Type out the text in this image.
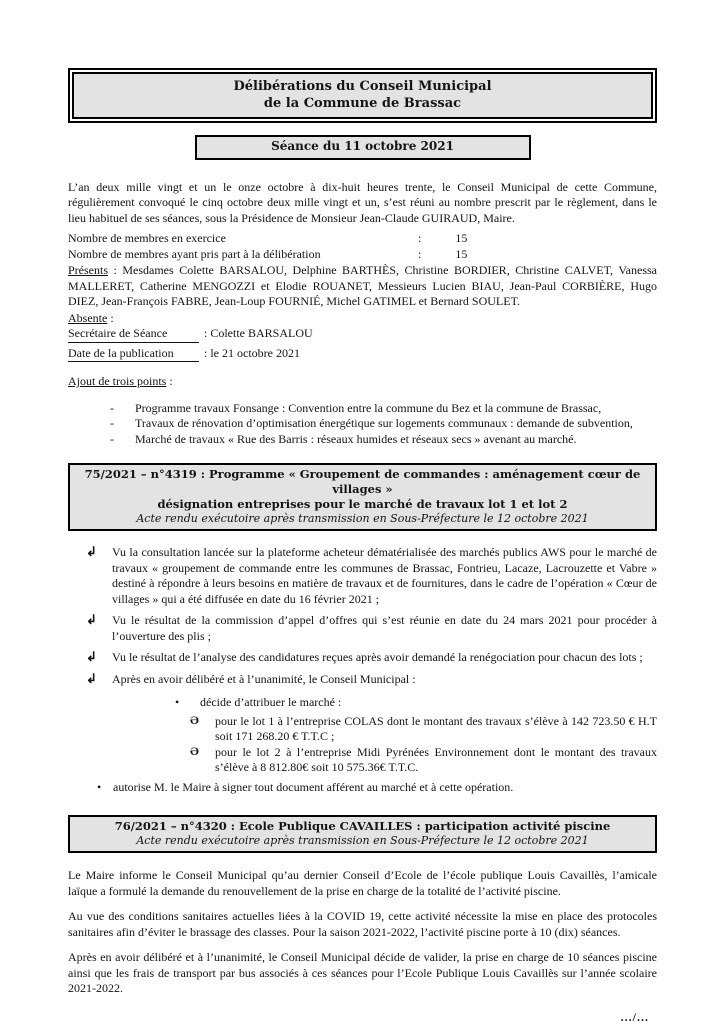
Délibérations du Conseil Municipal
de la Commune de Brassac
Séance du 11 octobre 2021

L’an deux mille vingt et un le onze octobre à dix-huit heures trente, le Conseil Municipal de cette Commune, régulièrement convoqué le cinq octobre deux mille vingt et un, s’est réuni au nombre prescrit par le règlement, dans le lieu habituel de ses séances, sous la Présidence de Monsieur Jean-Claude GUIRAUD, Maire.

Nombre de membres en exercice	:	15
Nombre de membres ayant pris part à la délibération	:	15

Présents : Mesdames Colette BARSALOU, Delphine BARTHÈS, Christine BORDIER, Christine CALVET, Vanessa MALLERET, Catherine MENGOZZI et Elodie ROUANET, Messieurs Lucien BIAU, Jean-Paul CORBIÈRE, Hugo DIEZ, Jean-François FABRE, Jean-Loup FOURNIÉ, Michel GATIMEL et Bernard SOULET.

Absente :

Secrétaire de Séance	: Colette BARSALOU
Date de la publication	: le 21 octobre 2021

Ajout de trois points :

- Programme travaux Fonsange : Convention entre la commune du Bez et la commune de Brassac,
- Travaux de rénovation d’optimisation énergétique sur logements communaux : demande de subvention,
- Marché de travaux « Rue des Barris : réseaux humides et réseaux secs » avenant au marché.
75/2021 – n°4319 : Programme « Groupement de commandes : aménagement cœur de villages »
désignation entreprises pour le marché de travaux lot 1 et lot 2
Acte rendu exécutoire après transmission en Sous-Préfecture le 12 octobre 2021
↲ Vu la consultation lancée sur la plateforme acheteur dématérialisée des marchés publics AWS pour le marché de travaux « groupement de commande entre les communes de Brassac, Fontrieu, Lacaze, Lacrouzette et Vabre » destiné à répondre à leurs besoins en matière de travaux et de fournitures, dans le cadre de l’opération « Cœur de villages » qui a été diffusée en date du 16 février 2021 ;
↲ Vu le résultat de la commission d’appel d’offres qui s’est réunie en date du 24 mars 2021 pour procéder à l’ouverture des plis ;
↲ Vu le résultat de l’analyse des candidatures reçues après avoir demandé la renégociation pour chacun des lots ;
↲ Après en avoir délibéré et à l’unanimité, le Conseil Municipal :
• décide d’attribuer le marché :
Ə pour le lot 1 à l’entreprise COLAS dont le montant des travaux s’élève à 142 723.50 € H.T soit 171 268.20 € T.T.C ;
Ə pour le lot 2 à l’entreprise Midi Pyrénées Environnement dont le montant des travaux s’élève à 8 812.80€ soit 10 575.36€ T.T.C.
• autorise M. le Maire à signer tout document afférent au marché et à cette opération.
76/2021 – n°4320 : Ecole Publique CAVAILLES : participation activité piscine
Acte rendu exécutoire après transmission en Sous-Préfecture le 12 octobre 2021

Le Maire informe le Conseil Municipal qu’au dernier Conseil d’Ecole de l’école publique Louis Cavaillès, l’amicale laïque a formulé la demande du renouvellement de la prise en charge de la totalité de l’activité piscine.

Au vue des conditions sanitaires actuelles liées à la COVID 19, cette activité nécessite la mise en place des protocoles sanitaires afin d’éviter le brassage des classes. Pour la saison 2021-2022, l’activité piscine porte à 10 (dix) séances.

Après en avoir délibéré et à l’unanimité, le Conseil Municipal décide de valider, la prise en charge de 10 séances piscine ainsi que les frais de transport par bus associés à ces séances pour l’Ecole Publique Louis Cavaillès sur l’année scolaire 2021-2022.

.../...
